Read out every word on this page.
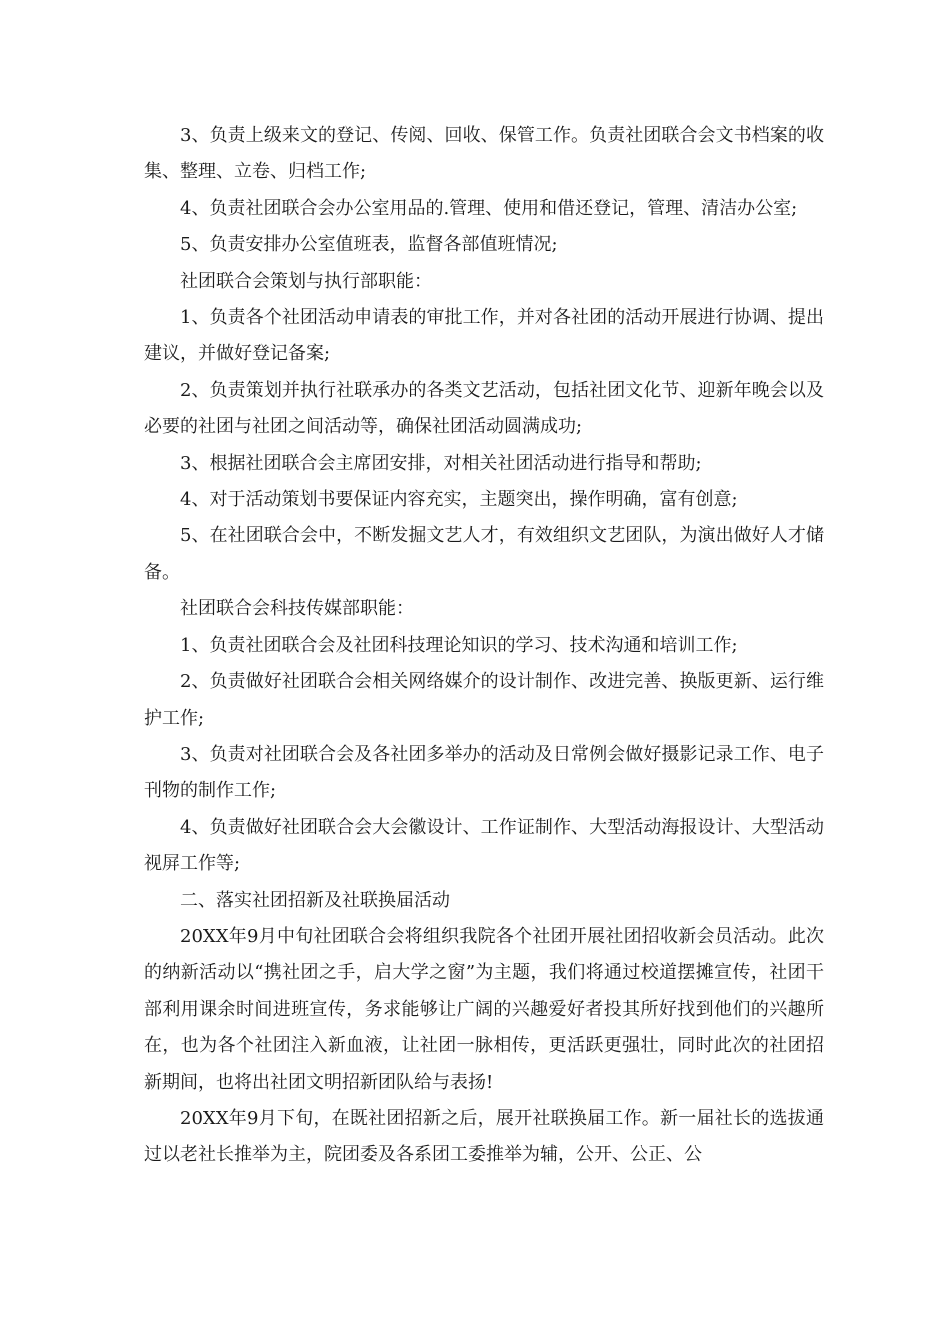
3、负责上级来文的登记、传阅、回收、保管工作。负责社团联合会文书档案的收集、整理、立卷、归档工作;

4、负责社团联合会办公室用品的.管理、使用和借还登记，管理、清洁办公室;

5、负责安排办公室值班表，监督各部值班情况;

社团联合会策划与执行部职能：

1、负责各个社团活动申请表的审批工作，并对各社团的活动开展进行协调、提出建议，并做好登记备案;

2、负责策划并执行社联承办的各类文艺活动，包括社团文化节、迎新年晚会以及必要的社团与社团之间活动等，确保社团活动圆满成功;

3、根据社团联合会主席团安排，对相关社团活动进行指导和帮助;

4、对于活动策划书要保证内容充实，主题突出，操作明确，富有创意;

5、在社团联合会中，不断发掘文艺人才，有效组织文艺团队，为演出做好人才储备。

社团联合会科技传媒部职能：

1、负责社团联合会及社团科技理论知识的学习、技术沟通和培训工作;

2、负责做好社团联合会相关网络媒介的设计制作、改进完善、换版更新、运行维护工作;

3、负责对社团联合会及各社团多举办的活动及日常例会做好摄影记录工作、电子刊物的制作工作;

4、负责做好社团联合会大会徽设计、工作证制作、大型活动海报设计、大型活动视屏工作等;

二、落实社团招新及社联换届活动

20XX年9月中旬社团联合会将组织我院各个社团开展社团招收新会员活动。此次的纳新活动以“携社团之手，启大学之窗”为主题，我们将通过校道摆摊宣传，社团干部利用课余时间进班宣传，务求能够让广阔的兴趣爱好者投其所好找到他们的兴趣所在，也为各个社团注入新血液，让社团一脉相传，更活跃更强壮，同时此次的社团招新期间，也将出社团文明招新团队给与表扬!

20XX年9月下旬，在既社团招新之后，展开社联换届工作。新一届社长的选拔通过以老社长推举为主，院团委及各系团工委推举为辅，公开、公正、公
